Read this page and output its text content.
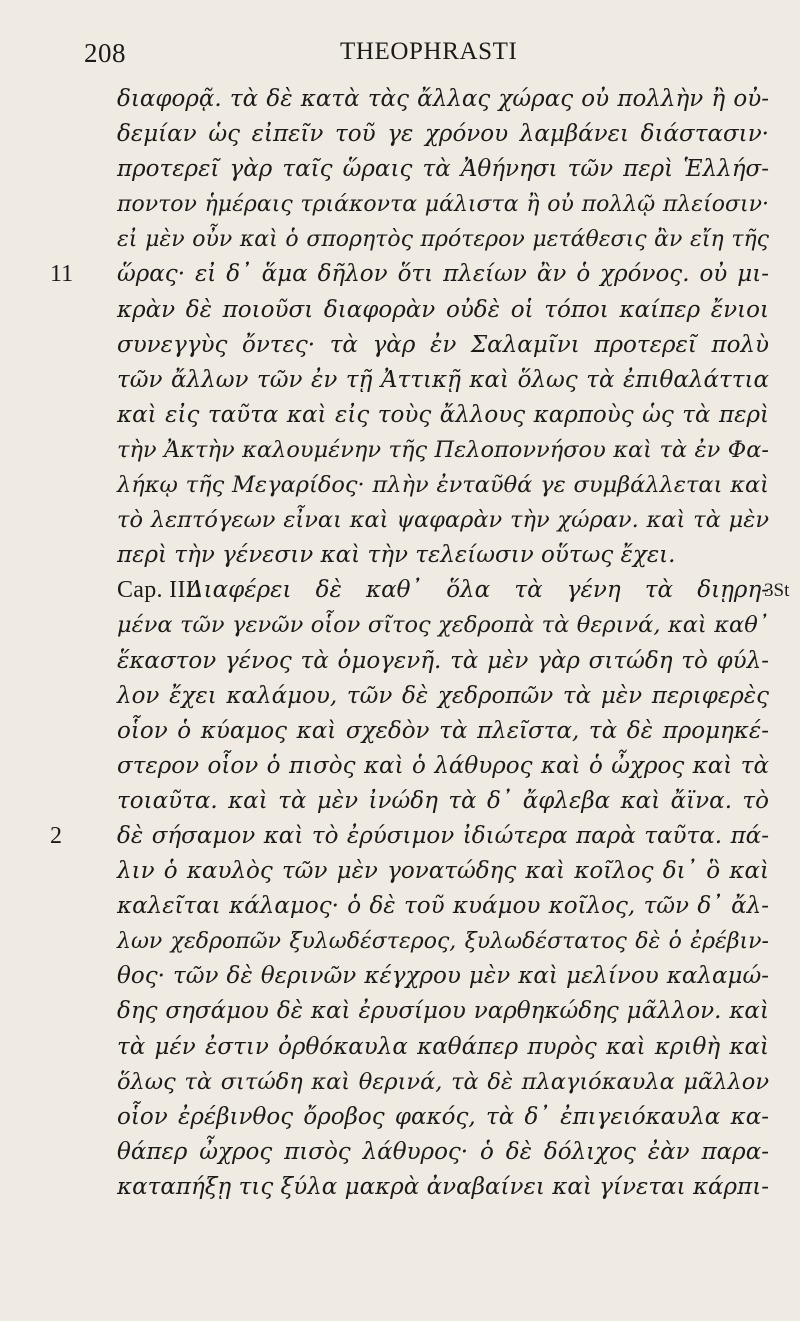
208	THEOPHRASTI
διαφορᾷ. τὰ δὲ κατὰ τὰς ἄλλας χώρας οὐ πολλὴν ἢ οὐ-
δεμίαν ὡς εἰπεῖν τοῦ γε χρόνου λαμβάνει διάστασιν·
προτερεῖ γὰρ ταῖς ὥραις τὰ Ἀθήνησι τῶν περὶ Ἑλλήσ-
ποντον ἡμέραις τριάκοντα μάλιστα ἢ οὐ πολλῷ πλείοσιν·
εἰ μὲν οὖν καὶ ὁ σπορητὸς πρότερον μετάθεσις ἂν εἴη τῆς
11 ὥρας· εἰ δ᾽ ἅμα δῆλον ὅτι πλείων ἂν ὁ χρόνος. οὐ μι-
κρὰν δὲ ποιοῦσι διαφορὰν οὐδὲ οἱ τόποι καίπερ ἔνιοι
συνεγγὺς ὄντες· τὰ γὰρ ἐν Σαλαμῖνι προτερεῖ πολὺ
τῶν ἄλλων τῶν ἐν τῇ Ἀττικῇ καὶ ὅλως τὰ ἐπιθαλάττια
καὶ εἰς ταῦτα καὶ εἰς τοὺς ἄλλους καρποὺς ὡς τὰ περὶ
τὴν Ἀκτὴν καλουμένην τῆς Πελοποννήσου καὶ τὰ ἐν Φα-
λήκῳ τῆς Μεγαρίδος· πλὴν ἐνταῦθά γε συμβάλλεται καὶ
τὸ λεπτόγεων εἶναι καὶ ψαφαρὰν τὴν χώραν. καὶ τὰ μὲν
περὶ τὴν γένεσιν καὶ τὴν τελείωσιν οὕτως ἔχει.
Cap. III.
Διαφέρει δὲ καθ᾽ ὅλα τὰ γένη τὰ διῃρη-
3St
μένα τῶν γενῶν οἷον σῖτος χεδροπὰ τὰ θερινά, καὶ καθ᾽
ἕκαστον γένος τὰ ὁμογενῆ. τὰ μὲν γὰρ σιτώδη τὸ φύλ-
λον ἔχει καλάμου, τῶν δὲ χεδροπῶν τὰ μὲν περιφερὲς
οἷον ὁ κύαμος καὶ σχεδὸν τὰ πλεῖστα, τὰ δὲ προμηκέ-
στερον οἷον ὁ πισὸς καὶ ὁ λάθυρος καὶ ὁ ὦχρος καὶ τὰ
τοιαῦτα. καὶ τὰ μὲν ἰνώδη τὰ δ᾽ ἄφλεβα καὶ ἄϊνα. τὸ
2 δὲ σήσαμον καὶ τὸ ἐρύσιμον ἰδιώτερα παρὰ ταῦτα. πά-
λιν ὁ καυλὸς τῶν μὲν γονατώδης καὶ κοῖλος δι᾽ ὃ καὶ
καλεῖται κάλαμος· ὁ δὲ τοῦ κυάμου κοῖλος, τῶν δ᾽ ἄλ-
λων χεδροπῶν ξυλωδέστερος, ξυλωδέστατος δὲ ὁ ἐρέβιν-
θος· τῶν δὲ θερινῶν κέγχρου μὲν καὶ μελίνου καλαμώ-
δης σησάμου δὲ καὶ ἐρυσίμου ναρθηκώδης μᾶλλον. καὶ
τὰ μέν ἐστιν ὀρθόκαυλα καθάπερ πυρὸς καὶ κριθὴ καὶ
ὅλως τὰ σιτώδη καὶ θερινά, τὰ δὲ πλαγιόκαυλα μᾶλλον
οἷον ἐρέβινθος ὄροβος φακός, τὰ δ᾽ ἐπιγειόκαυλα κα-
θάπερ ὦχρος πισὸς λάθυρος· ὁ δὲ δόλιχος ἐὰν παρα-
καταπήξῃ τις ξύλα μακρὰ ἀναβαίνει καὶ γίνεται κάρπι-
